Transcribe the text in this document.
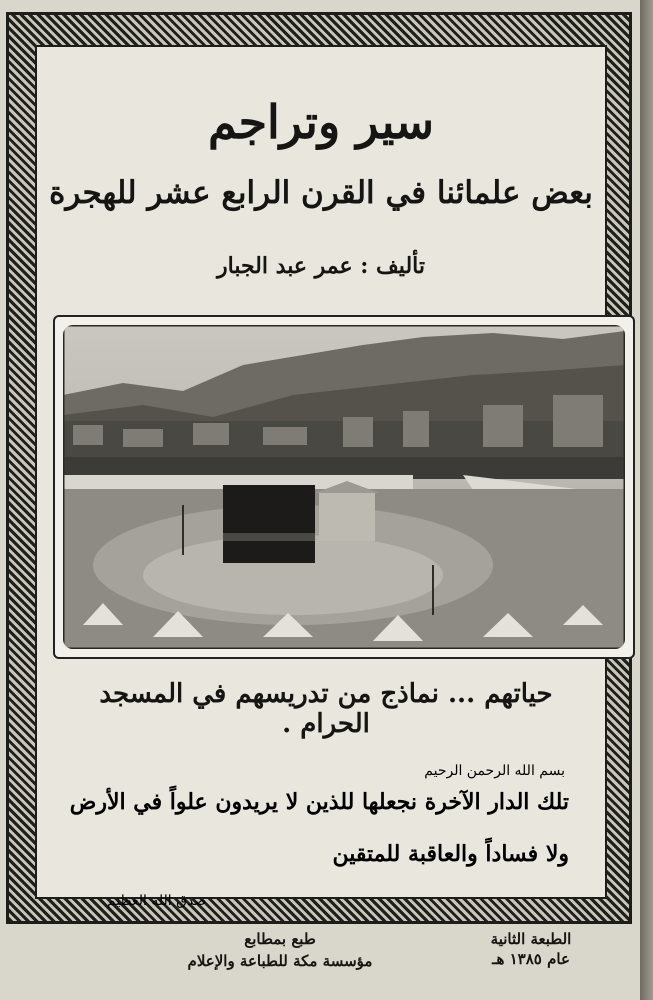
سير وتراجم
بعض علمائنا في القرن الرابع عشر للهجرة
تأليف : عمر عبد الجبار
حياتهم ... نماذج من تدريسهم في المسجد الحرام .
بسم الله الرحمن الرحيم
تلك الدار الآخرة نجعلها للذين لا يريدون علواً في الأرض
ولا فساداً والعاقبة للمتقين
صدق الله العظيم
الطبعة الثانية
عام ١٣٨٥ هـ
طبع بمطابع
مؤسسة مكة للطباعة والإعلام
